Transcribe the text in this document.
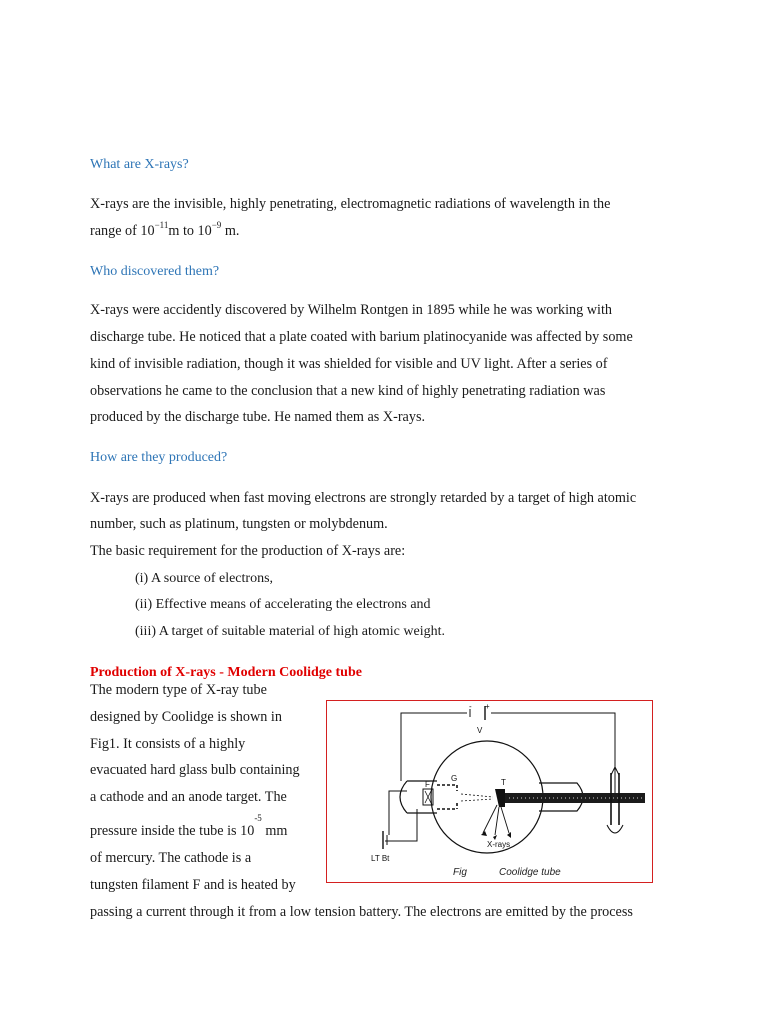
What are X-rays?
X-rays are the invisible, highly penetrating, electromagnetic radiations of wavelength in the
range of $10^{-11}m$ to $10^{-9}$ m.
Who discovered them?
X-rays were accidently discovered by Wilhelm Rontgen in 1895 while he was working with
discharge tube. He noticed that a plate coated with barium platinocyanide was affected by some
kind of invisible radiation, though it was shielded for visible and UV light. After a series of
observations he came to the conclusion that a new kind of highly penetrating radiation was
produced by the discharge tube. He named them as X-rays.
How are they produced?
X-rays are produced when fast moving electrons are strongly retarded by a target of high atomic
number, such as platinum, tungsten or molybdenum.
The basic requirement for the production of X-rays are:
(i) A source of electrons,
(ii) Effective means of accelerating the electrons and
(iii) A target of suitable material of high atomic weight.
Production of X-rays - Modern Coolidge tube
The modern type of X-ray tube
designed by Coolidge is shown in
Fig1. It consists of a highly
evacuated hard glass bulb containing
a cathode and an anode target. The
pressure inside the tube is $10^{-5}$ mm
of mercury. The cathode is a
tungsten filament F and is heated by
passing a current through it from a low tension battery. The electrons are emitted by the process
- +
V
G
F	T
X-rays
LT Bt
Fig	Coolidge tube
